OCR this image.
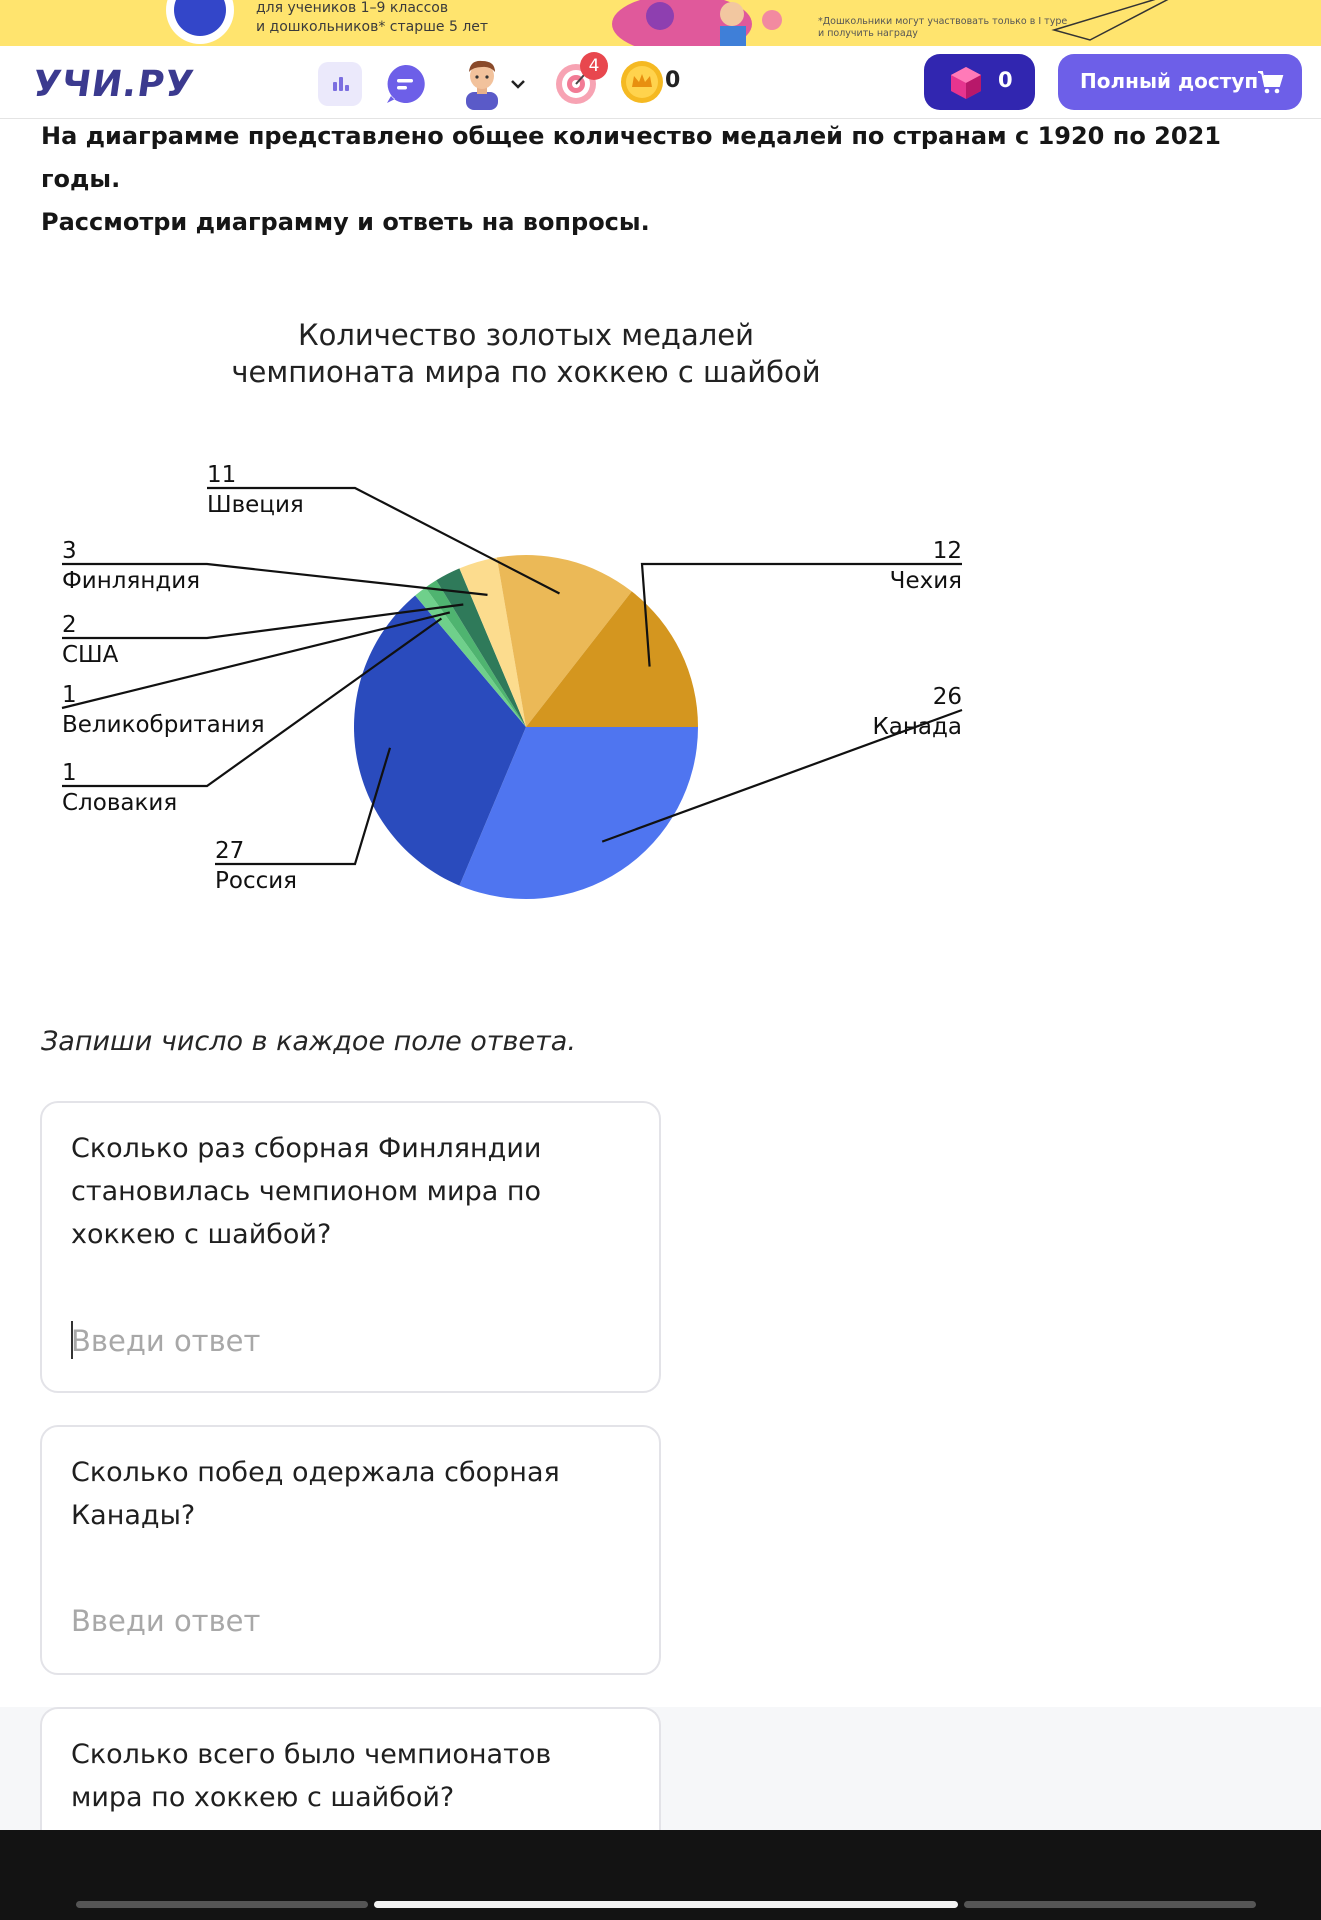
для учеников 1–9 классов
и дошкольников* старше 5 лет	*Дошкольники могут участвовать только в I туре
и получить награду
УЧИ.РУ	4
0	0	Полный доступ
На диаграмме представлено общее количество медалей по странам с 1920 по 2021 годы.
Рассмотри диаграмму и ответь на вопросы.
Количество золотых медалей
чемпионата мира по хоккею с шайбой
26
Канада
27
Россия
1
Словакия
1
Великобритания
2
США
3
Финляндия
11
Швеция
12
Чехия
Запиши число в каждое поле ответа.
Сколько раз сборная Финляндии становилась чемпионом мира по хоккею с шайбой?
Введи ответ
Сколько побед одержала сборная Канады?
Введи ответ
Сколько всего было чемпионатов мира по хоккею с шайбой?
